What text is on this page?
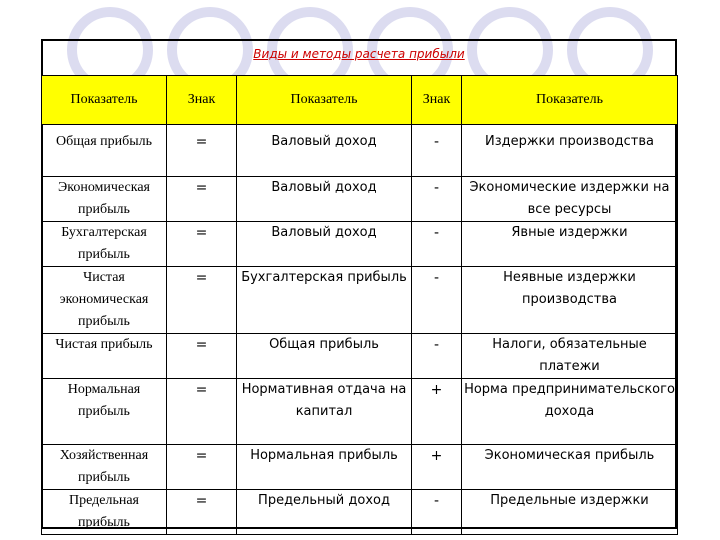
Виды и методы расчета прибыли
Показатель	Знак	Показатель	Знак	Показатель
Общая прибыль	=	Валовый доход	-	Издержки производства
Экономическая прибыль	=	Валовый доход	-	Экономические издержки на все ресурсы
Бухгалтерская прибыль	=	Валовый доход	-	Явные издержки
Чистая экономическая прибыль	=	Бухгалтерская прибыль	-	Неявные издержки производства
Чистая прибыль	=	Общая прибыль	-	Налоги, обязательные платежи
Нормальная прибыль	=	Нормативная отдача на капитал	+	Норма предпринимательского дохода
Хозяйственная прибыль	=	Нормальная прибыль	+	Экономическая прибыль
Предельная прибыль	=	Предельный доход	-	Предельные издержки
